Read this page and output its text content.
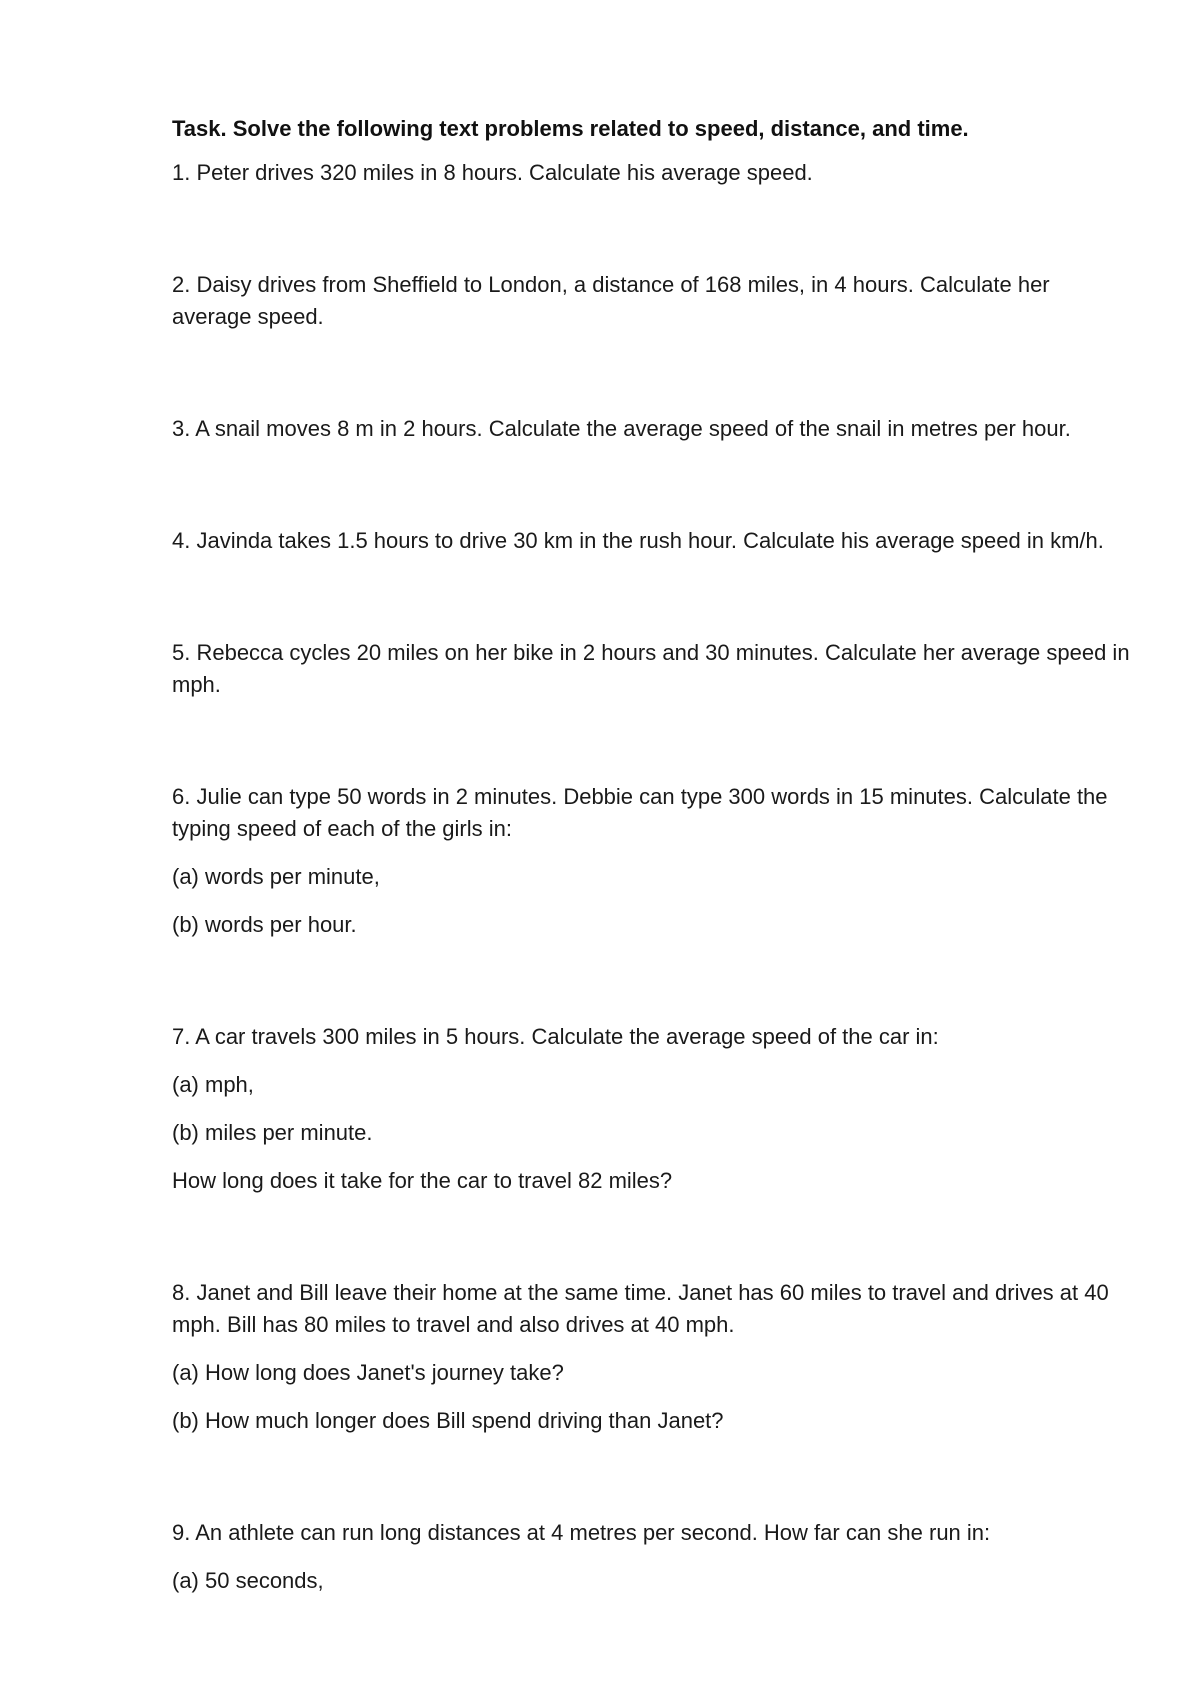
Task. Solve the following text problems related to speed, distance, and time.

1. Peter drives 320 miles in 8 hours. Calculate his average speed.

2. Daisy drives from Sheffield to London, a distance of 168 miles, in 4 hours. Calculate her average speed.

3. A snail moves 8 m in 2 hours. Calculate the average speed of the snail in metres per hour.

4. Javinda takes 1.5 hours to drive 30 km in the rush hour. Calculate his average speed in km/h.

5. Rebecca cycles 20 miles on her bike in 2 hours and 30 minutes. Calculate her average speed in mph.

6. Julie can type 50 words in 2 minutes. Debbie can type 300 words in 15 minutes. Calculate the typing speed of each of the girls in:

(a) words per minute,

(b) words per hour.

7. A car travels 300 miles in 5 hours. Calculate the average speed of the car in:

(a) mph,

(b) miles per minute.

How long does it take for the car to travel 82 miles?

8. Janet and Bill leave their home at the same time. Janet has 60 miles to travel and drives at 40 mph. Bill has 80 miles to travel and also drives at 40 mph.

(a) How long does Janet's journey take?

(b) How much longer does Bill spend driving than Janet?

9. An athlete can run long distances at 4 metres per second. How far can she run in:

(a) 50 seconds,
